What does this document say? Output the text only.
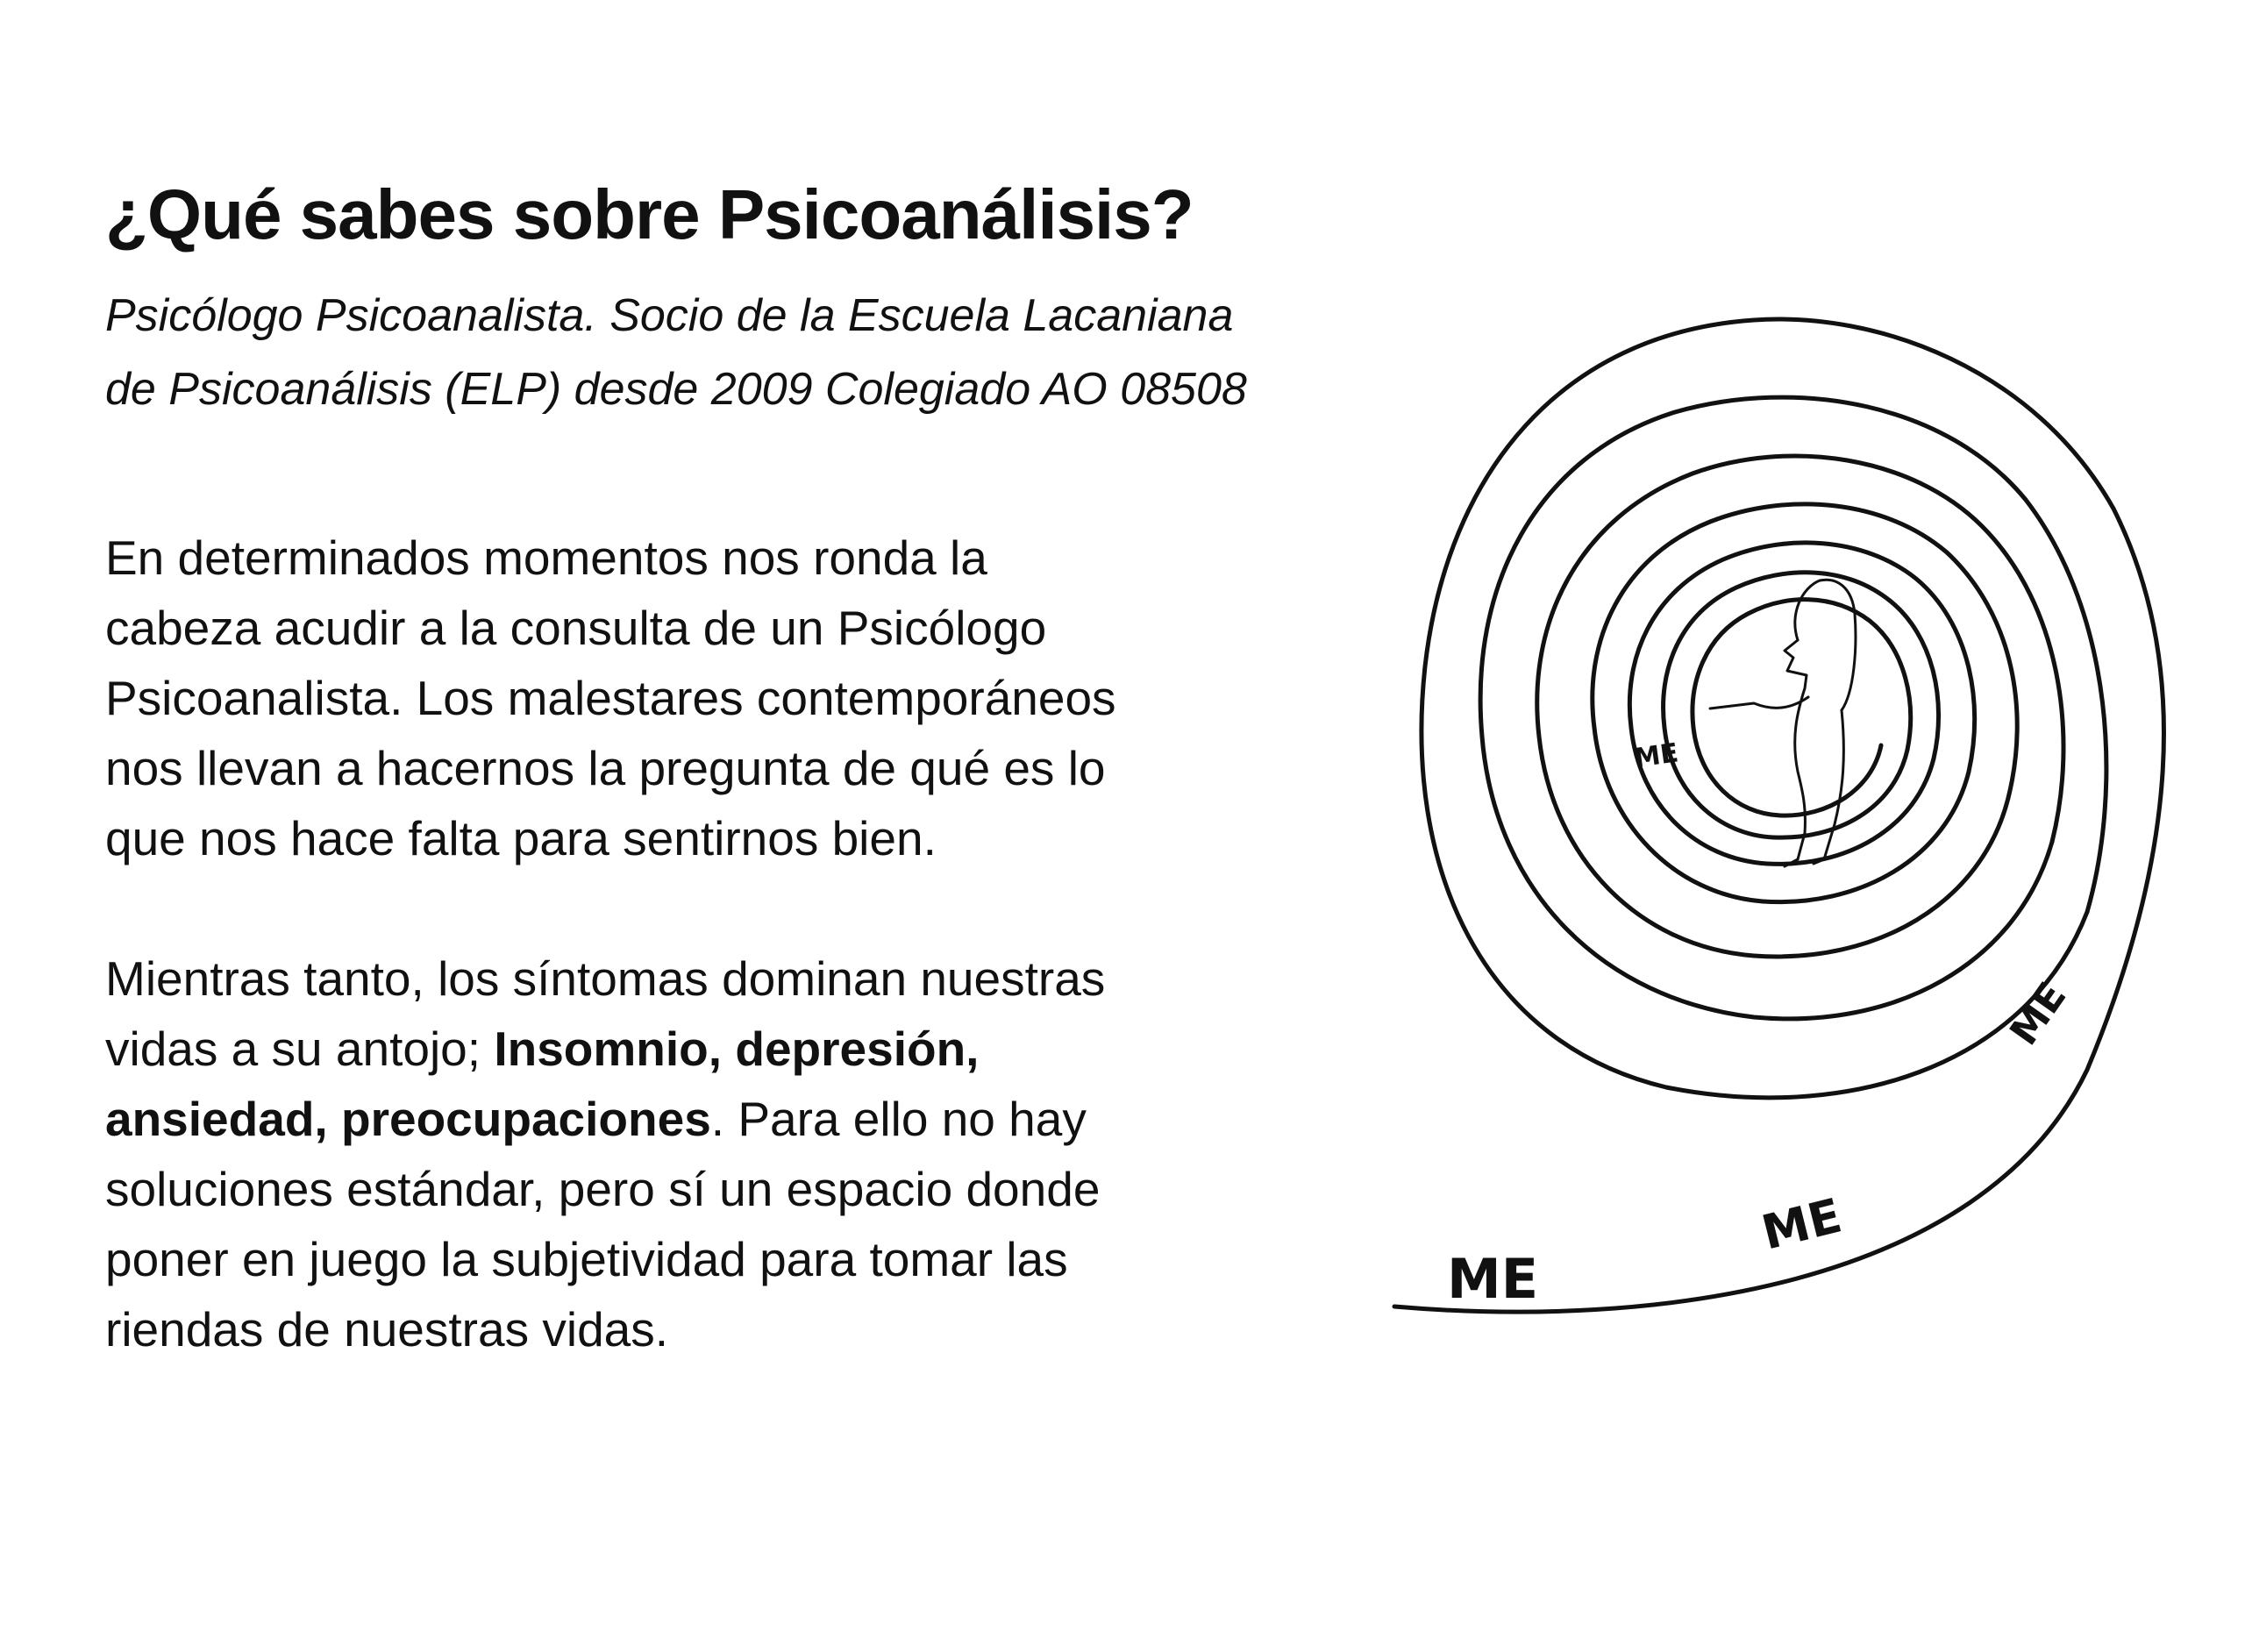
¿Qué sabes sobre Psicoanálisis?

Psicólogo Psicoanalista. Socio de la Escuela Lacaniana
de Psicoanálisis (ELP) desde 2009 Colegiado AO 08508

En determinados momentos nos ronda la
cabeza acudir a la consulta de un Psicólogo
Psicoanalista. Los malestares contemporáneos
nos llevan a hacernos la pregunta de qué es lo
que nos hace falta para sentirnos bien.

Mientras tanto, los síntomas dominan nuestras
vidas a su antojo; Insomnio, depresión,
ansiedad, preocupaciones. Para ello no hay
soluciones estándar, pero sí un espacio donde
poner en juego la subjetividad para tomar las
riendas de nuestras vidas.

ME
ME
ME
ME
